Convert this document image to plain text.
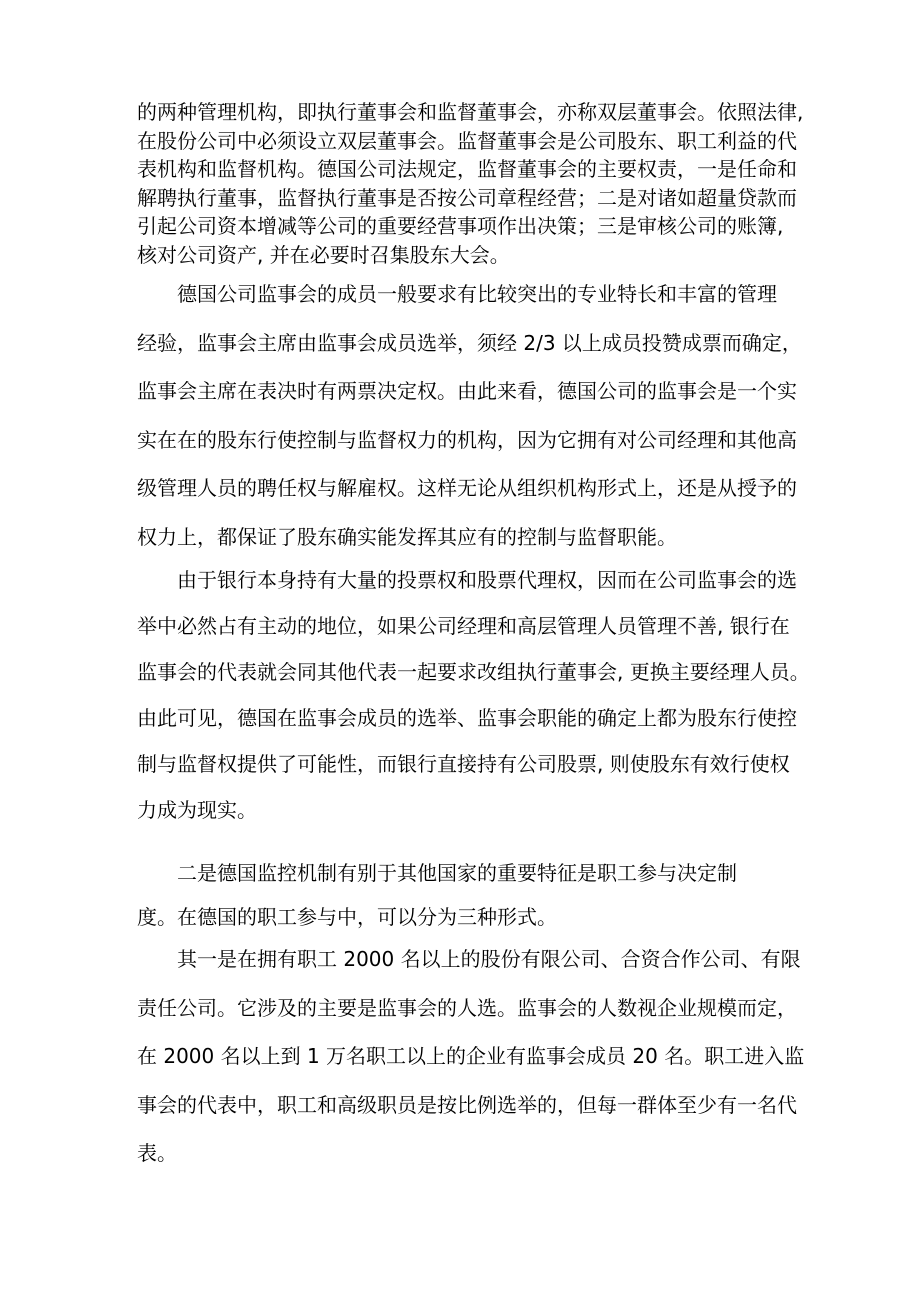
的两种管理机构，即执行董事会和监督董事会，亦称双层董事会。依照法律,
在股份公司中必须设立双层董事会。监督董事会是公司股东、职工利益的代
表机构和监督机构。德国公司法规定，监督董事会的主要权责，一是任命和
解聘执行董事，监督执行董事是否按公司章程经营；二是对诸如超量贷款而
引起公司资本增减等公司的重要经营事项作出决策；三是审核公司的账簿,
核对公司资产, 并在必要时召集股东大会。

德国公司监事会的成员一般要求有比较突出的专业特长和丰富的管理
经验，监事会主席由监事会成员选举，须经 2/3 以上成员投赞成票而确定，
监事会主席在表决时有两票决定权。由此来看，德国公司的监事会是一个实
实在在的股东行使控制与监督权力的机构，因为它拥有对公司经理和其他高
级管理人员的聘任权与解雇权。这样无论从组织机构形式上，还是从授予的
权力上，都保证了股东确实能发挥其应有的控制与监督职能。

由于银行本身持有大量的投票权和股票代理权，因而在公司监事会的选
举中必然占有主动的地位，如果公司经理和高层管理人员管理不善, 银行在
监事会的代表就会同其他代表一起要求改组执行董事会, 更换主要经理人员。
由此可见，德国在监事会成员的选举、监事会职能的确定上都为股东行使控
制与监督权提供了可能性，而银行直接持有公司股票, 则使股东有效行使权
力成为现实。

二是德国监控机制有别于其他国家的重要特征是职工参与决定制
度。在德国的职工参与中，可以分为三种形式。

其一是在拥有职工 2000 名以上的股份有限公司、合资合作公司、有限
责任公司。它涉及的主要是监事会的人选。监事会的人数视企业规模而定，
在 2000 名以上到 1 万名职工以上的企业有监事会成员 20 名。职工进入监
事会的代表中，职工和高级职员是按比例选举的，但每一群体至少有一名代
表。
